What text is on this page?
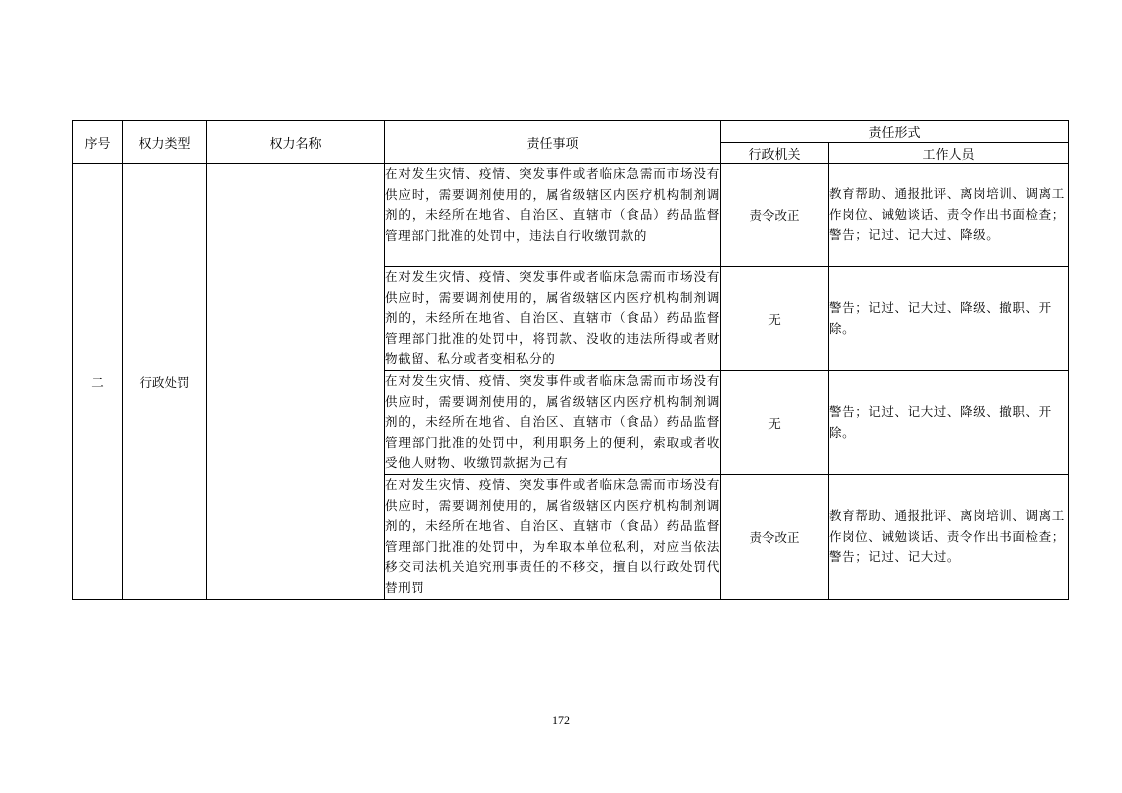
序号	权力类型	权力名称	责任事项	责任形式	
				行政机关	工作人员
二	行政处罚		在对发生灾情、疫情、突发事件或者临床急需而市场没有供应时，需要调剂使用的，属省级辖区内医疗机构制剂调剂的，未经所在地省、自治区、直辖市（食品）药品监督管理部门批准的处罚中，违法自行收缴罚款的	责令改正	教育帮助、通报批评、离岗培训、调离工作岗位、诫勉谈话、责令作出书面检查；警告；记过、记大过、降级。
			在对发生灾情、疫情、突发事件或者临床急需而市场没有供应时，需要调剂使用的，属省级辖区内医疗机构制剂调剂的，未经所在地省、自治区、直辖市（食品）药品监督管理部门批准的处罚中，将罚款、没收的违法所得或者财物截留、私分或者变相私分的	无	警告；记过、记大过、降级、撤职、开除。
			在对发生灾情、疫情、突发事件或者临床急需而市场没有供应时，需要调剂使用的，属省级辖区内医疗机构制剂调剂的，未经所在地省、自治区、直辖市（食品）药品监督管理部门批准的处罚中，利用职务上的便利，索取或者收受他人财物、收缴罚款据为己有	无	警告；记过、记大过、降级、撤职、开除。
			在对发生灾情、疫情、突发事件或者临床急需而市场没有供应时，需要调剂使用的，属省级辖区内医疗机构制剂调剂的，未经所在地省、自治区、直辖市（食品）药品监督管理部门批准的处罚中，为牟取本单位私利，对应当依法移交司法机关追究刑事责任的不移交，擅自以行政处罚代替刑罚	责令改正	教育帮助、通报批评、离岗培训、调离工作岗位、诫勉谈话、责令作出书面检查；警告；记过、记大过。
172
